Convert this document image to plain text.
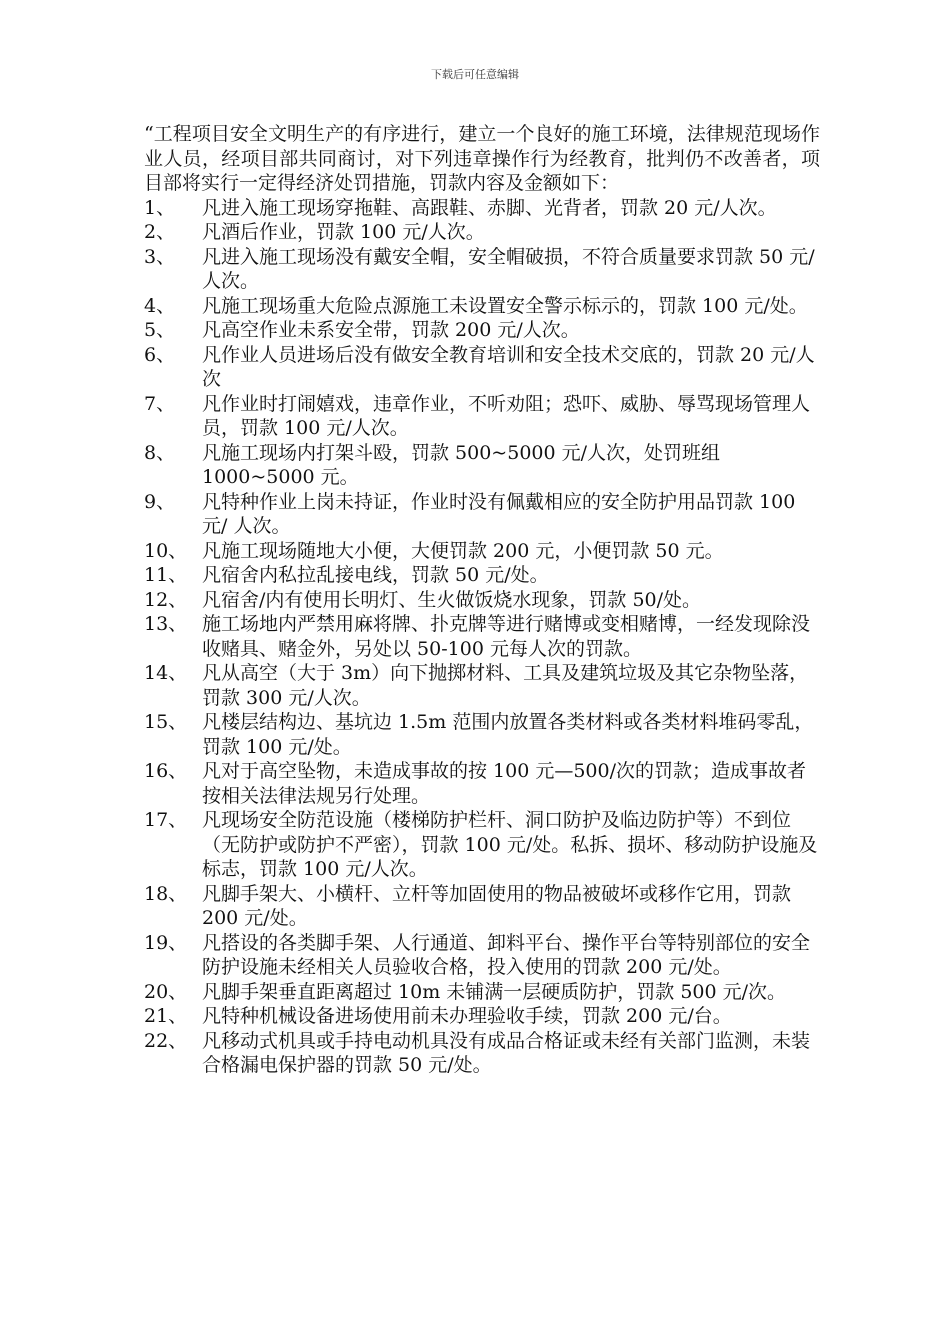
下载后可任意编辑

“工程项目安全文明生产的有序进行，建立一个良好的施工环境，法律规范现场作业人员，经项目部共同商讨，对下列违章操作行为经教育，批判仍不改善者，项目部将实行一定得经济处罚措施，罚款内容及金额如下：

1、	凡进入施工现场穿拖鞋、高跟鞋、赤脚、光背者，罚款 20 元/人次。
2、	凡酒后作业，罚款 100 元/人次。
3、	凡进入施工现场没有戴安全帽，安全帽破损，不符合质量要求罚款 50 元/人次。
4、	凡施工现场重大危险点源施工未设置安全警示标示的，罚款 100 元/处。
5、	凡高空作业未系安全带，罚款 200 元/人次。
6、	凡作业人员进场后没有做安全教育培训和安全技术交底的，罚款 20 元/人次
7、	凡作业时打闹嬉戏，违章作业，不听劝阻；恐吓、威胁、辱骂现场管理人员，罚款 100 元/人次。
8、	凡施工现场内打架斗殴，罚款 500~5000 元/人次，处罚班组 1000~5000 元。
9、	凡特种作业上岗未持证，作业时没有佩戴相应的安全防护用品罚款 100 元/ 人次。
10、 凡施工现场随地大小便，大便罚款 200 元，小便罚款 50 元。
11、 凡宿舍内私拉乱接电线，罚款 50 元/处。
12、 凡宿舍/内有使用长明灯、生火做饭烧水现象，罚款 50/处。
13、 施工场地内严禁用麻将牌、扑克牌等进行赌博或变相赌博，一经发现除没收赌具、赌金外，另处以 50-100 元每人次的罚款。
14、 凡从高空（大于 3m）向下抛掷材料、工具及建筑垃圾及其它杂物坠落，罚款 300 元/人次。
15、 凡楼层结构边、基坑边 1.5m 范围内放置各类材料或各类材料堆码零乱，罚款 100 元/处。
16、 凡对于高空坠物，未造成事故的按 100 元—500/次的罚款；造成事故者按相关法律法规另行处理。
17、 凡现场安全防范设施（楼梯防护栏杆、洞口防护及临边防护等）不到位（无防护或防护不严密），罚款 100 元/处。私拆、损坏、移动防护设施及标志，罚款 100 元/人次。
18、 凡脚手架大、小横杆、立杆等加固使用的物品被破坏或移作它用，罚款 200 元/处。
19、 凡搭设的各类脚手架、人行通道、卸料平台、操作平台等特别部位的安全防护设施未经相关人员验收合格，投入使用的罚款 200 元/处。
20、 凡脚手架垂直距离超过 10m 未铺满一层硬质防护，罚款 500 元/次。
21、 凡特种机械设备进场使用前未办理验收手续，罚款 200 元/台。
22、 凡移动式机具或手持电动机具没有成品合格证或未经有关部门监测，未装合格漏电保护器的罚款 50 元/处。
